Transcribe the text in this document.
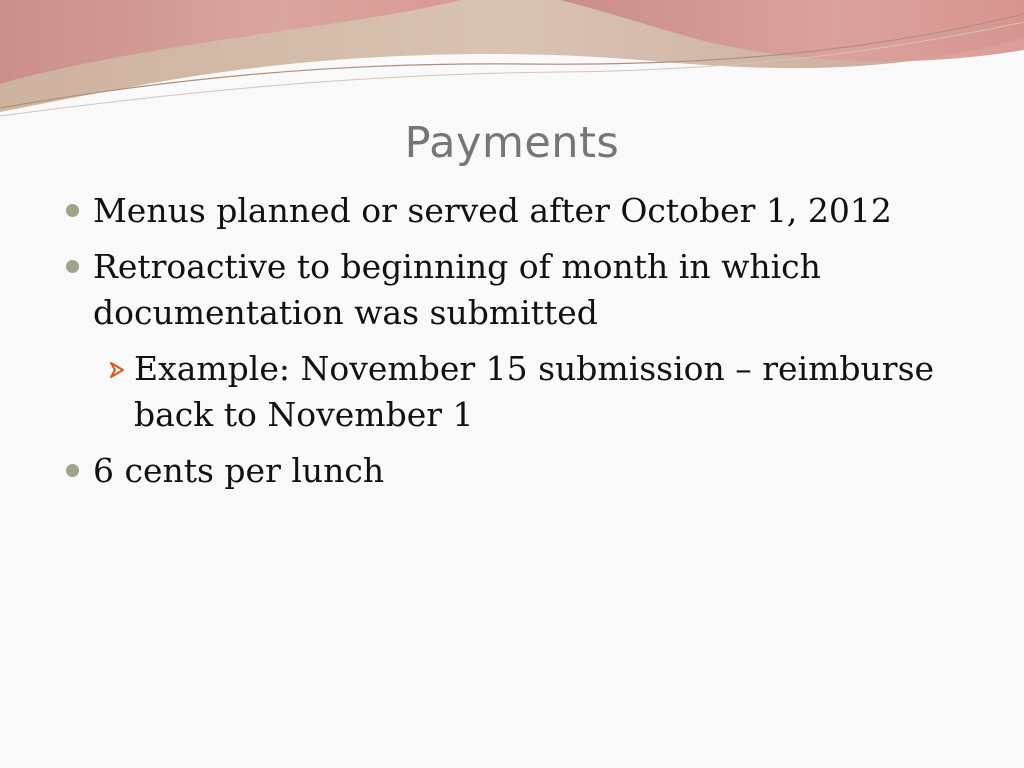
Payments
Menus planned or served after October 1, 2012
Retroactive to beginning of month in which documentation was submitted
Example: November 15 submission – reimburse back to November 1
6 cents per lunch
